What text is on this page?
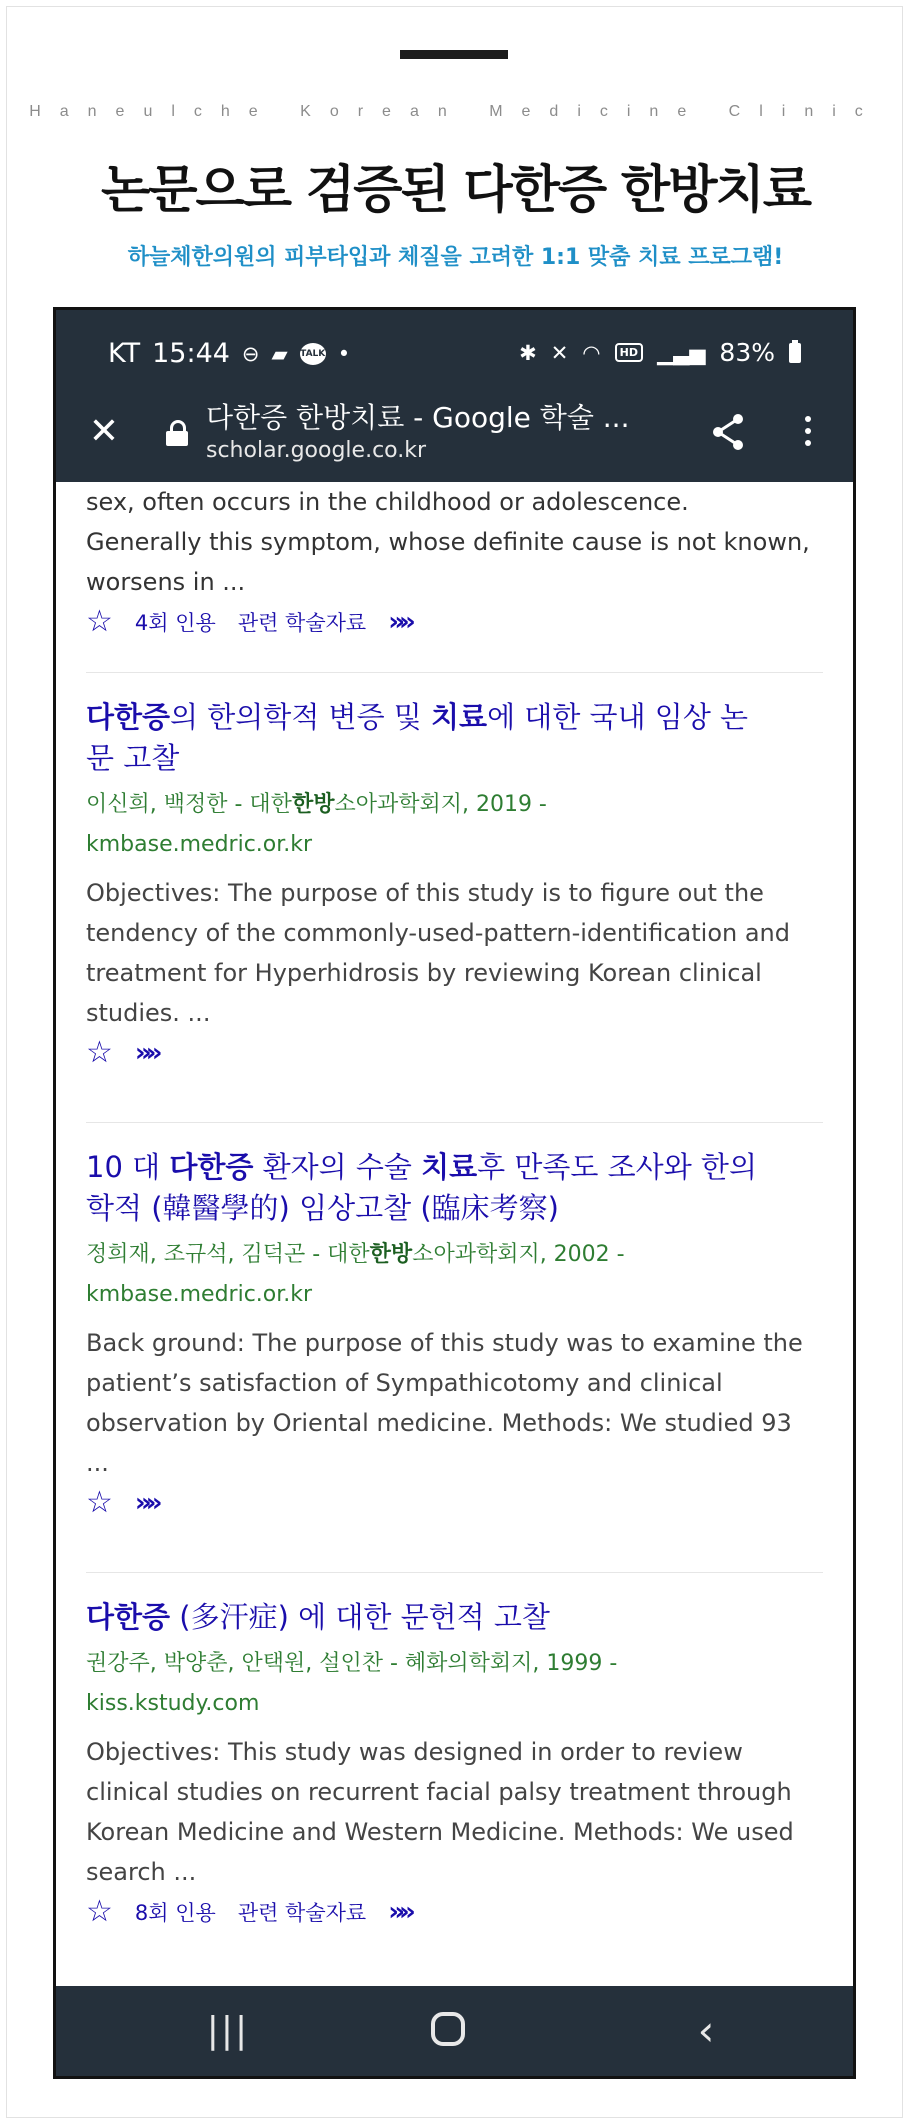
Haneulche Korean Medicine Clinic
논문으로 검증된 다한증 한방치료
하늘체한의원의 피부타입과 체질을 고려한 1:1 맞춤 치료 프로그램!
KT 15:44 ⊖ ▰ TALK •	✱ ✕ ◠	HD ▁▃▅ 83%
✕	다한증 한방치료 - Google 학술 ...
scholar.google.co.kr
sex, often occurs in the childhood or adolescence.
Generally this symptom, whose definite cause is not known,
worsens in ...
☆ 4회 인용 관련 학술자료 »»
다한증의 한의학적 변증 및 치료에 대한 국내 임상 논
문 고찰
이신희, 백정한 - 대한한방소아과학회지, 2019 -
kmbase.medric.or.kr
Objectives: The purpose of this study is to figure out the
tendency of the commonly-used-pattern-identification and
treatment for Hyperhidrosis by reviewing Korean clinical
studies. ...
☆ »»
10 대 다한증 환자의 수술 치료후 만족도 조사와 한의
학적 (韓醫學的) 임상고찰 (臨床考察)
정희재, 조규석, 김덕곤 - 대한한방소아과학회지, 2002 -
kmbase.medric.or.kr
Back ground: The purpose of this study was to examine the
patient’s satisfaction of Sympathicotomy and clinical
observation by Oriental medicine. Methods: We studied 93
...
☆ »»
다한증 (多汗症) 에 대한 문헌적 고찰
권강주, 박양춘, 안택원, 설인찬 - 혜화의학회지, 1999 -
kiss.kstudy.com
Objectives: This study was designed in order to review
clinical studies on recurrent facial palsy treatment through
Korean Medicine and Western Medicine. Methods: We used
search ...
☆ 8회 인용 관련 학술자료 »»
|||	‹
